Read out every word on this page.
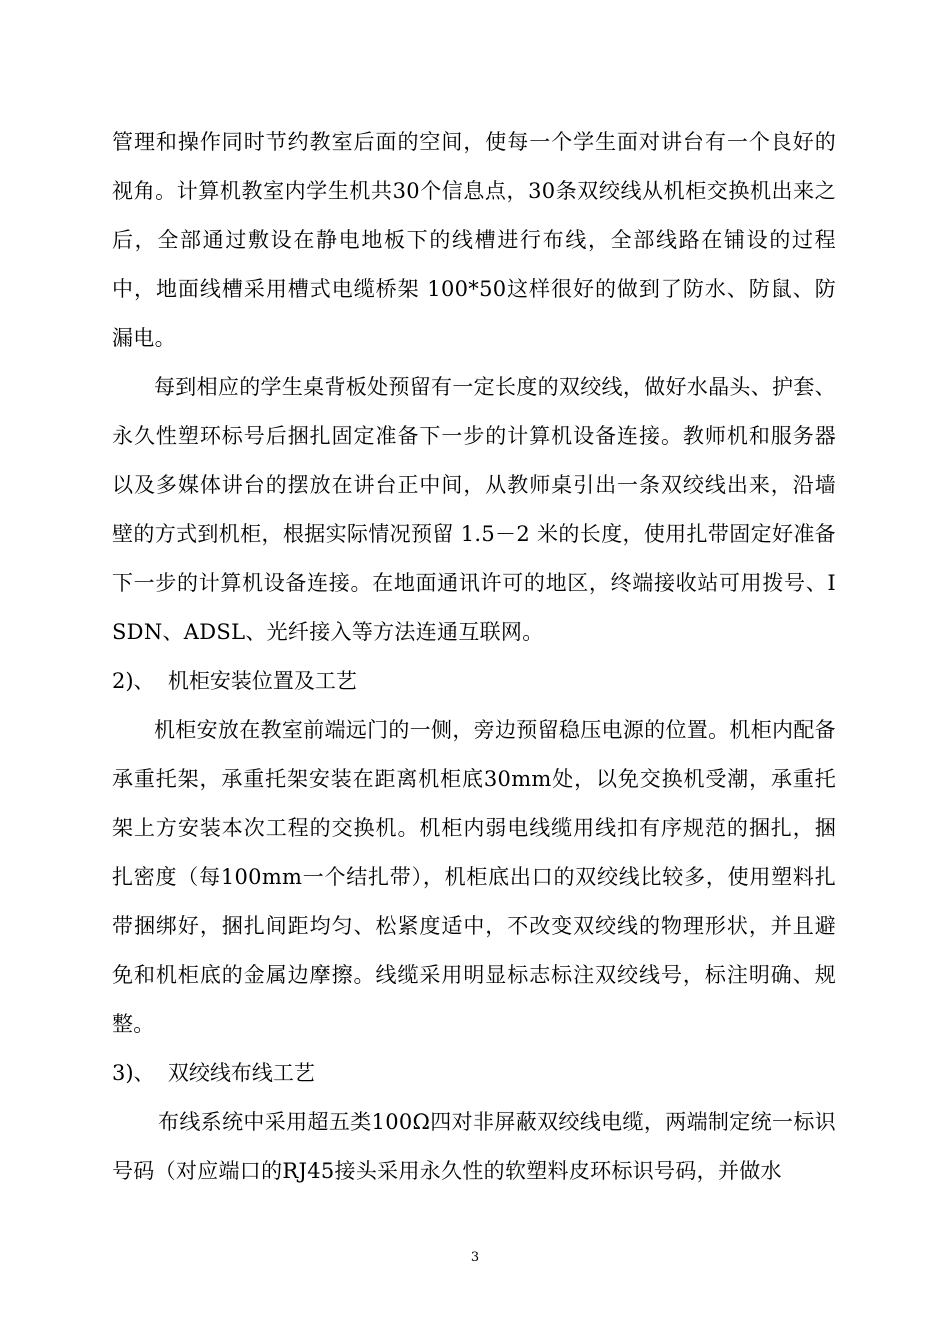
管理和操作同时节约教室后面的空间，使每一个学生面对讲台有一个良好的视角。计算机教室内学生机共30个信息点，30条双绞线从机柜交换机出来之后，全部通过敷设在静电地板下的线槽进行布线，全部线路在铺设的过程中，地面线槽采用槽式电缆桥架 100*50这样很好的做到了防水、防鼠、防漏电。

每到相应的学生桌背板处预留有一定长度的双绞线，做好水晶头、护套、永久性塑环标号后捆扎固定准备下一步的计算机设备连接。教师机和服务器以及多媒体讲台的摆放在讲台正中间，从教师桌引出一条双绞线出来，沿墙壁的方式到机柜，根据实际情况预留 1.5－2 米的长度，使用扎带固定好准备下一步的计算机设备连接。在地面通讯许可的地区，终端接收站可用拨号、ISDN、ADSL、光纤接入等方法连通互联网。

2)、  机柜安装位置及工艺

机柜安放在教室前端远门的一侧，旁边预留稳压电源的位置。机柜内配备承重托架，承重托架安装在距离机柜底30mm处，以免交换机受潮，承重托架上方安装本次工程的交换机。机柜内弱电线缆用线扣有序规范的捆扎，捆扎密度（每100mm一个结扎带），机柜底出口的双绞线比较多，使用塑料扎带捆绑好，捆扎间距均匀、松紧度适中，不改变双绞线的物理形状，并且避免和机柜底的金属边摩擦。线缆采用明显标志标注双绞线号，标注明确、规整。

3)、  双绞线布线工艺

布线系统中采用超五类100Ω四对非屏蔽双绞线电缆，两端制定统一标识号码（对应端口的RJ45接头采用永久性的软塑料皮环标识号码，并做水

3
